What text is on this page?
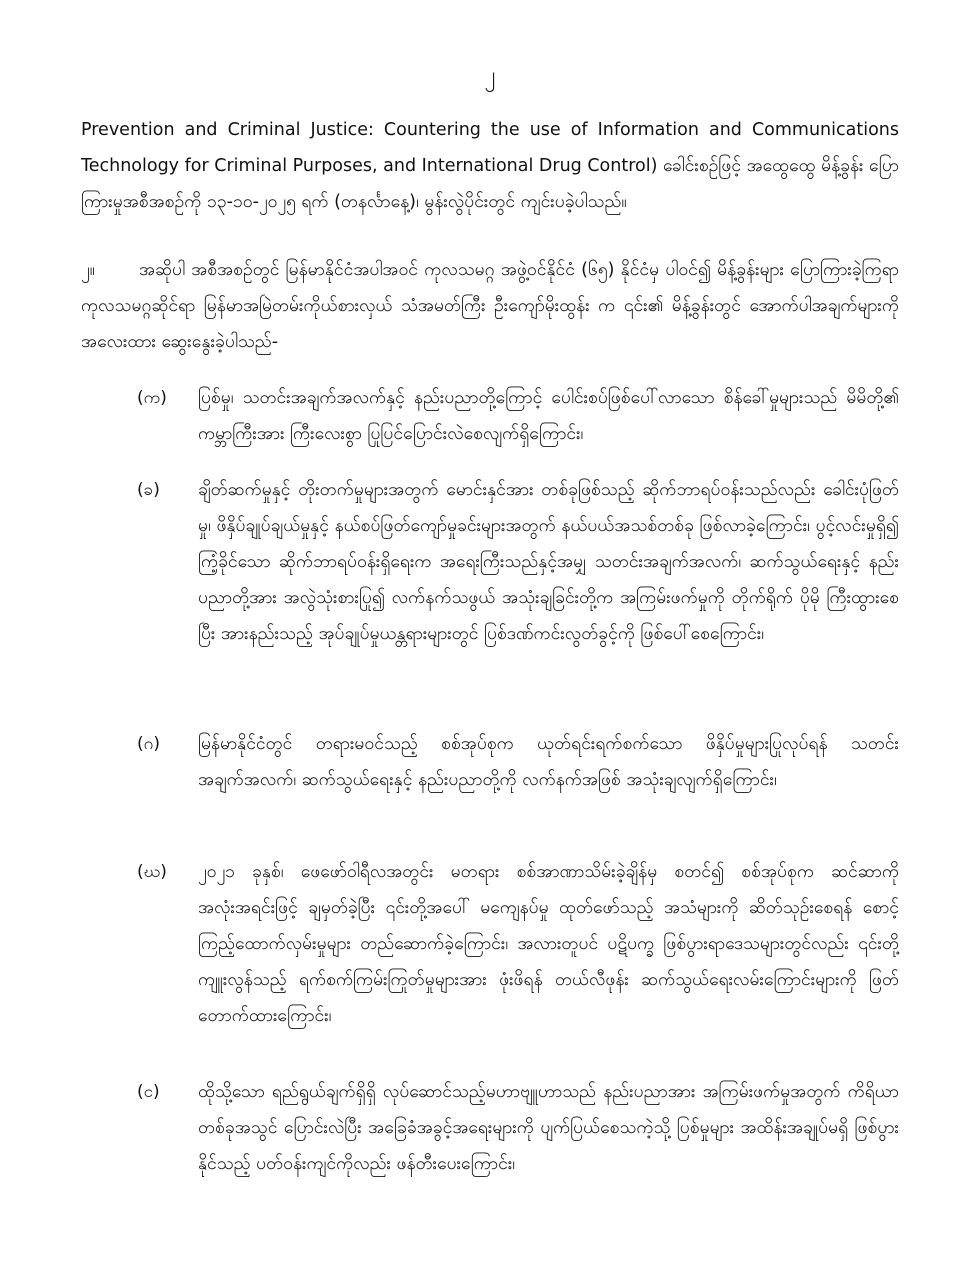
၂

Prevention and Criminal Justice: Countering the use of Information and Communications Technology for Criminal Purposes, and International Drug Control) ခေါင်းစဉ်ဖြင့် အထွေထွေ မိန့်ခွန်း ပြောကြားမှုအစီအစဉ်ကို ၁၃-၁၀-၂၀၂၅ ရက် (တနင်္လာနေ့)၊ မွန်းလွဲပိုင်းတွင် ကျင်းပခဲ့ပါသည်။

၂။	အဆိုပါ အစီအစဉ်တွင် မြန်မာနိုင်ငံအပါအဝင် ကုလသမဂ္ဂ အဖွဲ့ဝင်နိုင်ငံ (၆၅) နိုင်ငံမှ ပါဝင်၍ မိန့်ခွန်းများ ပြောကြားခဲ့ကြရာ ကုလသမဂ္ဂဆိုင်ရာ မြန်မာအမြဲတမ်းကိုယ်စားလှယ် သံအမတ်ကြီး ဦးကျော်မိုးထွန်း က ၎င်း၏ မိန့်ခွန်းတွင် အောက်ပါအချက်များကို အလေးထား ဆွေးနွေးခဲ့ပါသည်-

(က)	ပြစ်မှု၊ သတင်းအချက်အလက်နှင့် နည်းပညာတို့ကြောင့် ပေါင်းစပ်ဖြစ်ပေါ်လာသော စိန်ခေါ်မှုများသည် မိမိတို့၏ ကမ္ဘာကြီးအား ကြီးလေးစွာ ပြုပြင်ပြောင်းလဲစေလျက်ရှိကြောင်း၊

(ခ)	ချိတ်ဆက်မှုနှင့် တိုးတက်မှုများအတွက် မောင်းနှင်အား တစ်ခုဖြစ်သည့် ဆိုက်ဘာရပ်ဝန်းသည်လည်း ခေါင်းပုံဖြတ်မှု၊ ဖိနှိပ်ချုပ်ချယ်မှုနှင့် နယ်စပ်ဖြတ်ကျော်မှုခင်းများအတွက် နယ်ပယ်အသစ်တစ်ခု ဖြစ်လာခဲ့ကြောင်း၊ ပွင့်လင်းမှုရှိ၍ ကြံ့ခိုင်သော ဆိုက်ဘာရပ်ဝန်းရှိရေးက အရေးကြီးသည်နှင့်အမျှ သတင်းအချက်အလက်၊ ဆက်သွယ်ရေးနှင့် နည်းပညာတို့အား အလွဲသုံးစားပြု၍ လက်နက်သဖွယ် အသုံးချခြင်းတို့က အကြမ်းဖက်မှုကို တိုက်ရိုက် ပိုမို ကြီးထွားစေပြီး အားနည်းသည့် အုပ်ချုပ်မှုယန္တရားများတွင် ပြစ်ဒဏ်ကင်းလွတ်ခွင့်ကို ဖြစ်ပေါ်စေကြောင်း၊

(ဂ)	မြန်မာနိုင်ငံတွင် တရားမဝင်သည့် စစ်အုပ်စုက ယုတ်ရင်းရက်စက်သော ဖိနှိပ်မှုများပြုလုပ်ရန် သတင်းအချက်အလက်၊ ဆက်သွယ်ရေးနှင့် နည်းပညာတို့ကို လက်နက်အဖြစ် အသုံးချလျက်ရှိကြောင်း၊

(ဃ)	၂၀၂၁ ခုနှစ်၊ ဖေဖော်ဝါရီလအတွင်း မတရား စစ်အာဏာသိမ်းခဲ့ချိန်မှ စတင်၍ စစ်အုပ်စုက ဆင်ဆာကို အလုံးအရင်းဖြင့် ချမှတ်ခဲ့ပြီး ၎င်းတို့အပေါ် မကျေနပ်မှု ထုတ်ဖော်သည့် အသံများကို ဆိတ်သုဉ်းစေရန် စောင့်ကြည့်ထောက်လှမ်းမှုများ တည်ဆောက်ခဲ့ကြောင်း၊ အလားတူပင် ပဋိပက္ခ ဖြစ်ပွားရာဒေသများတွင်လည်း ၎င်းတို့ ကျူးလွန်သည့် ရက်စက်ကြမ်းကြုတ်မှုများအား ဖုံးဖိရန် တယ်လီဖုန်း ဆက်သွယ်ရေးလမ်းကြောင်းများကို ဖြတ်တောက်ထားကြောင်း၊

(င)	ထိုသို့သော ရည်ရွယ်ချက်ရှိရှိ လုပ်ဆောင်သည့်မဟာဗျူဟာသည် နည်းပညာအား အကြမ်းဖက်မှုအတွက် ကိရိယာတစ်ခုအသွင် ပြောင်းလဲပြီး အခြေခံအခွင့်အရေးများကို ပျက်ပြယ်စေသကဲ့သို့ ပြစ်မှုများ အထိန်းအချုပ်မရှိ ဖြစ်ပွားနိုင်သည့် ပတ်ဝန်းကျင်ကိုလည်း ဖန်တီးပေးကြောင်း၊
